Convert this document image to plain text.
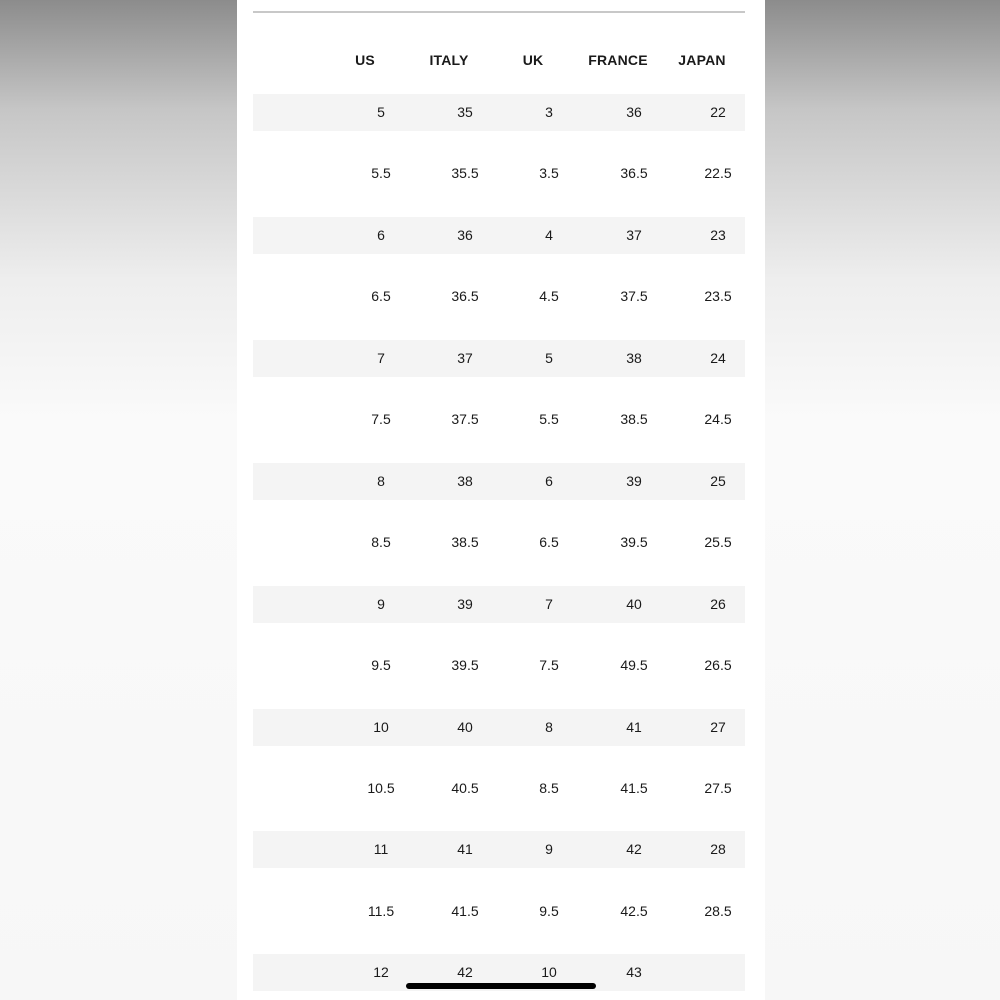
US	ITALY	UK	FRANCE	JAPAN
5	35	3	36	22
5.5	35.5	3.5	36.5	22.5
6	36	4	37	23
6.5	36.5	4.5	37.5	23.5
7	37	5	38	24
7.5	37.5	5.5	38.5	24.5
8	38	6	39	25
8.5	38.5	6.5	39.5	25.5
9	39	7	40	26
9.5	39.5	7.5	49.5	26.5
10	40	8	41	27
10.5	40.5	8.5	41.5	27.5
11	41	9	42	28
11.5	41.5	9.5	42.5	28.5
12	42	10	43
